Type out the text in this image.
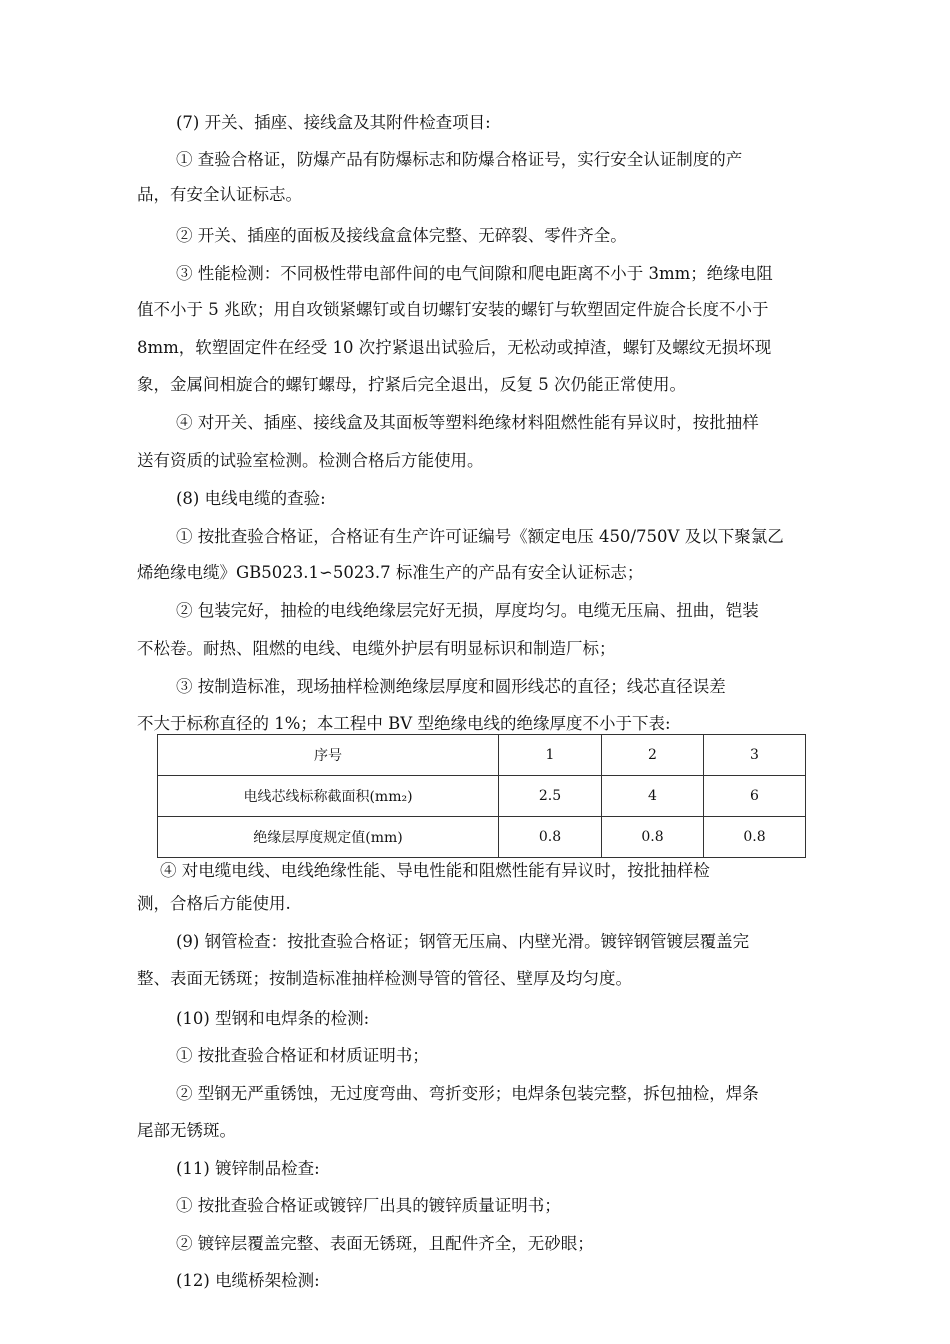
(7) 开关、插座、接线盒及其附件检查项目:

① 查验合格证，防爆产品有防爆标志和防爆合格证号，实行安全认证制度的产

品，有安全认证标志。

② 开关、插座的面板及接线盒盒体完整、无碎裂、零件齐全。

③ 性能检测：不同极性带电部件间的电气间隙和爬电距离不小于 3mm；绝缘电阻

值不小于 5 兆欧；用自攻锁紧螺钉或自切螺钉安装的螺钉与软塑固定件旋合长度不小于

8mm，软塑固定件在经受 10 次拧紧退出试验后，无松动或掉渣，螺钉及螺纹无损坏现

象，金属间相旋合的螺钉螺母，拧紧后完全退出，反复 5 次仍能正常使用。

④ 对开关、插座、接线盒及其面板等塑料绝缘材料阻燃性能有异议时，按批抽样

送有资质的试验室检测。检测合格后方能使用。

(8) 电线电缆的查验:

① 按批查验合格证，合格证有生产许可证编号《额定电压 450/750V 及以下聚氯乙

烯绝缘电缆》GB5023.1∽5023.7 标准生产的产品有安全认证标志；

② 包装完好，抽检的电线绝缘层完好无损，厚度均匀。电缆无压扁、扭曲，铠装

不松卷。耐热、阻燃的电线、电缆外护层有明显标识和制造厂标；

③ 按制造标准，现场抽样检测绝缘层厚度和圆形线芯的直径；线芯直径误差

不大于标称直径的 1%；本工程中 BV 型绝缘电线的绝缘厚度不小于下表:

序号	1	2	3
电线芯线标称截面积(mm₂)	2.5	4	6
绝缘层厚度规定值(mm)	0.8	0.8	0.8

④ 对电缆电线、电线绝缘性能、导电性能和阻燃性能有异议时，按批抽样检

测，合格后方能使用.

(9) 钢管检查：按批查验合格证；钢管无压扁、内壁光滑。镀锌钢管镀层覆盖完

整、表面无锈斑；按制造标准抽样检测导管的管径、壁厚及均匀度。

(10) 型钢和电焊条的检测:

① 按批查验合格证和材质证明书；

② 型钢无严重锈蚀，无过度弯曲、弯折变形；电焊条包装完整，拆包抽检，焊条

尾部无锈斑。

(11) 镀锌制品检查:

① 按批查验合格证或镀锌厂出具的镀锌质量证明书；

② 镀锌层覆盖完整、表面无锈斑，且配件齐全，无砂眼；

(12) 电缆桥架检测:
